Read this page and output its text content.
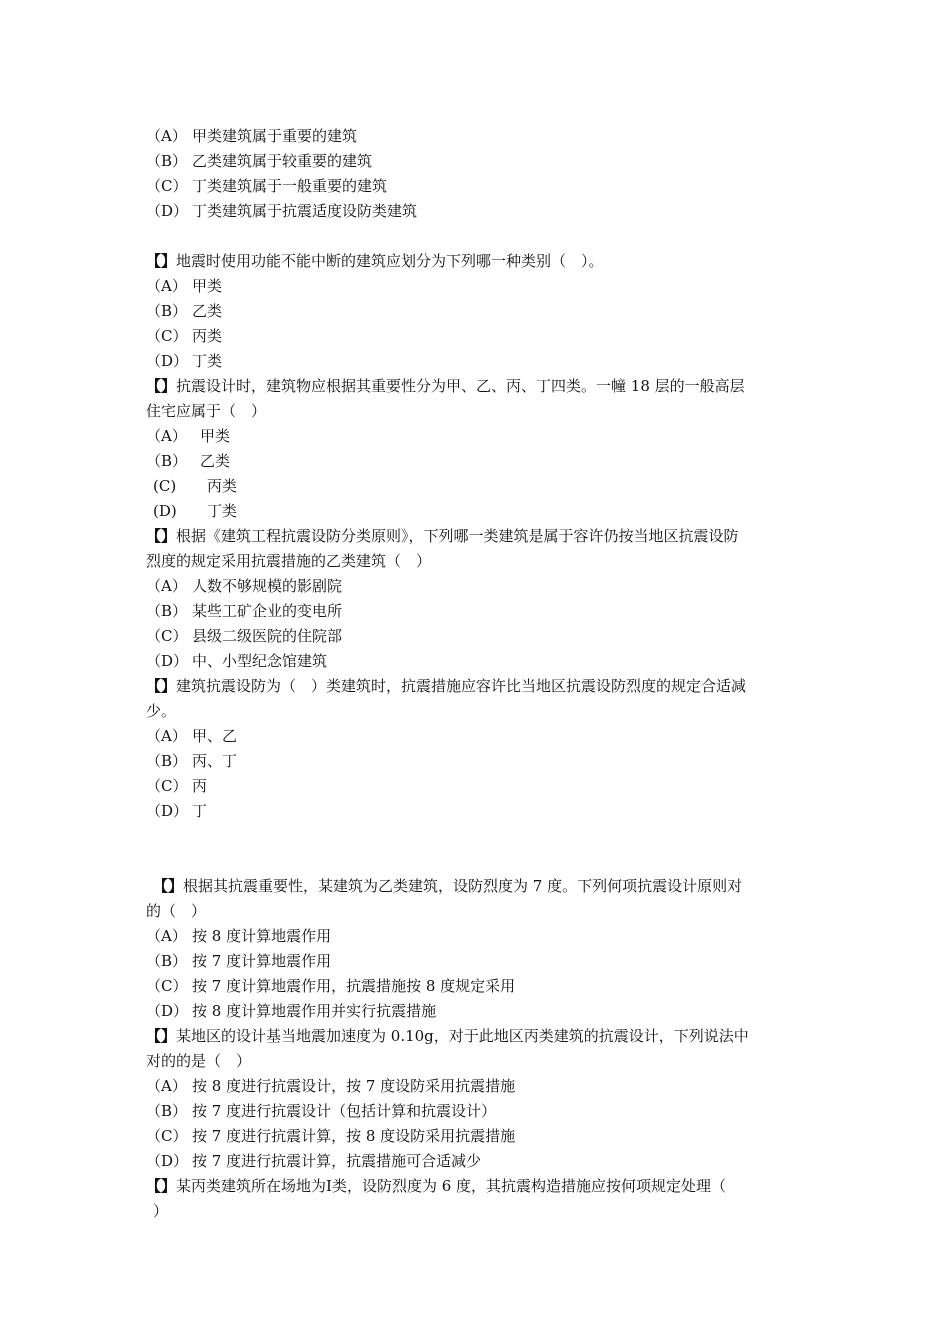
（A） 甲类建筑属于重要的建筑
（B） 乙类建筑属于较重要的建筑
（C） 丁类建筑属于一般重要的建筑
（D） 丁类建筑属于抗震适度设防类建筑
【】地震时使用功能不能中断的建筑应划分为下列哪一种类别（　）。
（A） 甲类
（B） 乙类
（C） 丙类
（D） 丁类
【】抗震设计时，建筑物应根据其重要性分为甲、乙、丙、丁四类。一幢 18 层的一般高层
住宅应属于（　）
（A） 甲类
（B） 乙类
(C) 丙类
(D) 丁类
【】根据《建筑工程抗震设防分类原则》，下列哪一类建筑是属于容许仍按当地区抗震设防
烈度的规定采用抗震措施的乙类建筑（　）
（A） 人数不够规模的影剧院
（B） 某些工矿企业的变电所
（C） 县级二级医院的住院部
（D） 中、小型纪念馆建筑
【】建筑抗震设防为（　）类建筑时，抗震措施应容许比当地区抗震设防烈度的规定合适减
少。
（A） 甲、乙
（B） 丙、丁
（C） 丙
（D） 丁
【】根据其抗震重要性，某建筑为乙类建筑，设防烈度为 7 度。下列何项抗震设计原则对
的（　）
（A） 按 8 度计算地震作用
（B） 按 7 度计算地震作用
（C） 按 7 度计算地震作用，抗震措施按 8 度规定采用
（D） 按 8 度计算地震作用并实行抗震措施
【】某地区的设计基当地震加速度为 0.10g，对于此地区丙类建筑的抗震设计，下列说法中
对的的是（　）
（A） 按 8 度进行抗震设计，按 7 度设防采用抗震措施
（B） 按 7 度进行抗震设计（包括计算和抗震设计）
（C） 按 7 度进行抗震计算，按 8 度设防采用抗震措施
（D） 按 7 度进行抗震计算，抗震措施可合适减少
【】某丙类建筑所在场地为Ⅰ类，设防烈度为 6 度，其抗震构造措施应按何项规定处理（
）
